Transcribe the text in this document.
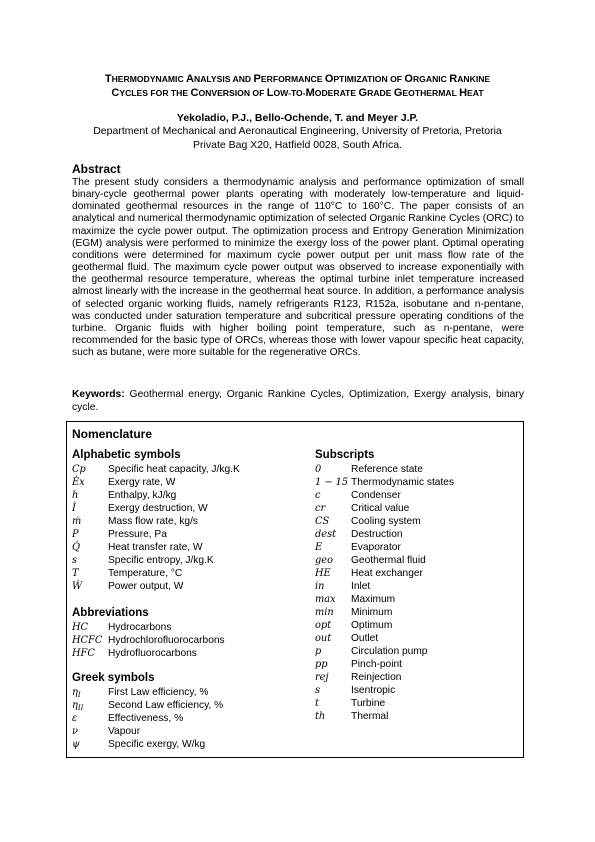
THERMODYNAMIC ANALYSIS AND PERFORMANCE OPTIMIZATION OF ORGANIC RANKINE
CYCLES FOR THE CONVERSION OF LOW-TO-MODERATE GRADE GEOTHERMAL HEAT
Yekoladio, P.J., Bello-Ochende, T. and Meyer J.P.
Department of Mechanical and Aeronautical Engineering, University of Pretoria, Pretoria
Private Bag X20, Hatfield 0028, South Africa.
Abstract
The present study considers a thermodynamic analysis and performance optimization of small binary-cycle geothermal power plants operating with moderately low-temperature and liquid-dominated geothermal resources in the range of 110°C to 160°C. The paper consists of an analytical and numerical thermodynamic optimization of selected Organic Rankine Cycles (ORC) to maximize the cycle power output. The optimization process and Entropy Generation Minimization (EGM) analysis were performed to minimize the exergy loss of the power plant. Optimal operating conditions were determined for maximum cycle power output per unit mass flow rate of the geothermal fluid. The maximum cycle power output was observed to increase exponentially with the geothermal resource temperature, whereas the optimal turbine inlet temperature increased almost linearly with the increase in the geothermal heat source. In addition, a performance analysis of selected organic working fluids, namely refrigerants R123, R152a, isobutane and n-pentane, was conducted under saturation temperature and subcritical pressure operating conditions of the turbine. Organic fluids with higher boiling point temperature, such as n-pentane, were recommended for the basic type of ORCs, whereas those with lower vapour specific heat capacity, such as butane, were more suitable for the regenerative ORCs.
Keywords: Geothermal energy, Organic Rankine Cycles, Optimization, Exergy analysis, binary cycle.
Nomenclature
Alphabetic symbols
Cp	Specific heat capacity, J/kg.K
Ėx	Exergy rate, W
h	Enthalpy, kJ/kg
İ	Exergy destruction, W
ṁ	Mass flow rate, kg/s
P	Pressure, Pa
Q̇	Heat transfer rate, W
s	Specific entropy, J/kg.K
T	Temperature, °C
Ẇ	Power output, W
Abbreviations
HC	Hydrocarbons
HCFC Hydrochlorofluorocarbons
HFC	Hydrofluorocarbons
Greek symbols
$\eta_I$	First Law efficiency, %
$\eta_{II}$	Second Law efficiency, %
ε	Effectiveness, %
ν	Vapour
ψ	Specific exergy, W/kg
Subscripts
0	Reference state
1 − 15 Thermodynamic states
c	Condenser
cr	Critical value
CS	Cooling system
dest	Destruction
E	Evaporator
geo	Geothermal fluid
HE	Heat exchanger
in	Inlet
max	Maximum
min	Minimum
opt	Optimum
out	Outlet
p	Circulation pump
pp	Pinch-point
rej	Reinjection
s	Isentropic
t	Turbine
th	Thermal
